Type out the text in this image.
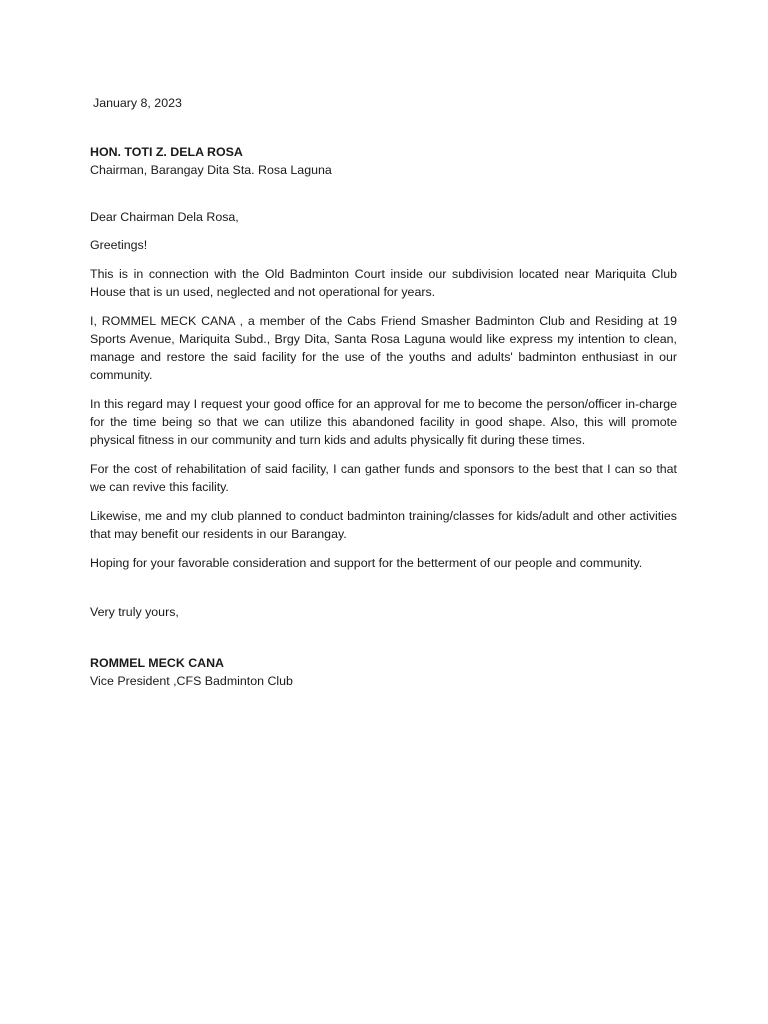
January 8, 2023

HON. TOTI Z. DELA ROSA

Chairman, Barangay Dita Sta. Rosa Laguna

Dear Chairman Dela Rosa,

Greetings!

This is in connection with the Old Badminton Court inside our subdivision located near Mariquita Club House that is un used, neglected and not operational for years.

I, ROMMEL MECK CANA , a member of the Cabs Friend Smasher Badminton Club and Residing at 19 Sports Avenue, Mariquita Subd., Brgy Dita, Santa Rosa Laguna would like express my intention to clean, manage and restore the said facility for the use of the youths and adults' badminton enthusiast in our community.

In this regard may I request your good office for an approval for me to become the person/officer in-charge for the time being so that we can utilize this abandoned facility in good shape. Also, this will promote physical fitness in our community and turn kids and adults physically fit during these times.

For the cost of rehabilitation of said facility, I can gather funds and sponsors to the best that I can so that we can revive this facility.

Likewise, me and my club planned to conduct badminton training/classes for kids/adult and other activities that may benefit our residents in our Barangay.

Hoping for your favorable consideration and support for the betterment of our people and community.

Very truly yours,

ROMMEL MECK CANA

Vice President ,CFS Badminton Club
